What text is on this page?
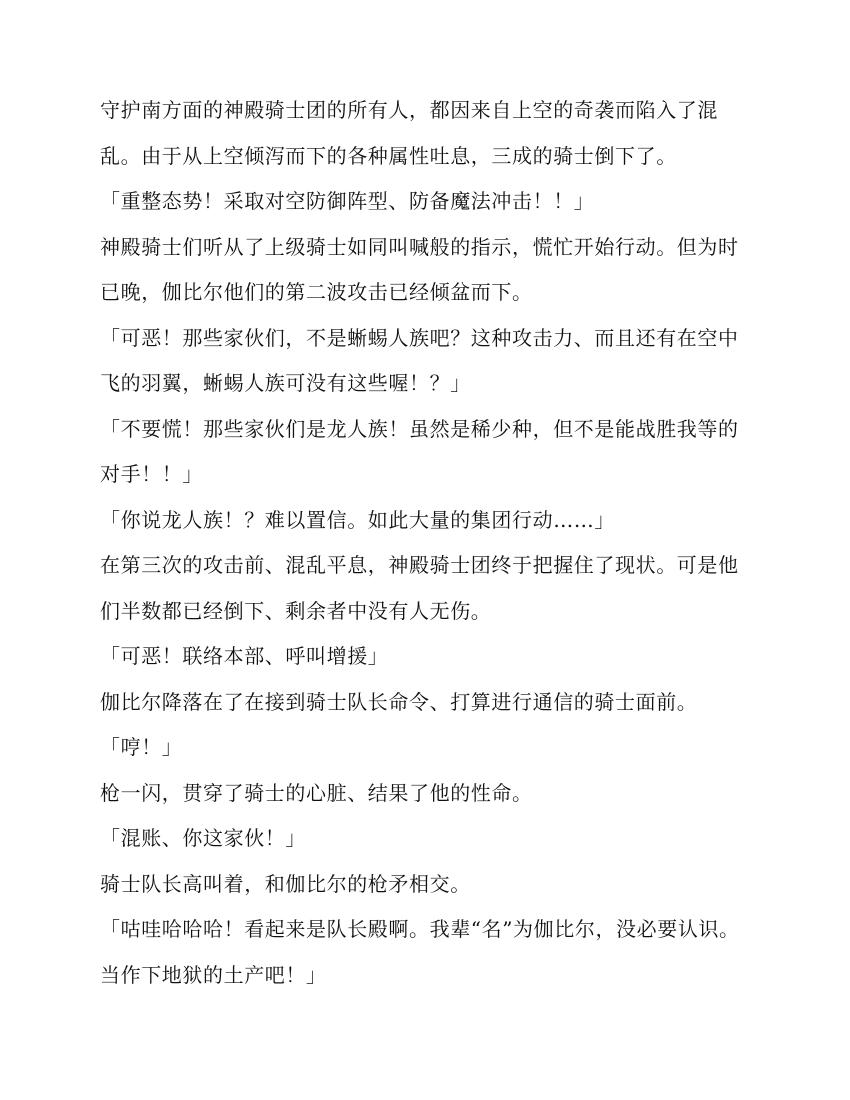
守护南方面的神殿骑士团的所有人，都因来自上空的奇袭而陷入了混乱。由于从上空倾泻而下的各种属性吐息，三成的骑士倒下了。

「重整态势！采取对空防御阵型、防备魔法冲击！！」

神殿骑士们听从了上级骑士如同叫喊般的指示，慌忙开始行动。但为时已晚，伽比尔他们的第二波攻击已经倾盆而下。

「可恶！那些家伙们，不是蜥蜴人族吧？这种攻击力、而且还有在空中飞的羽翼，蜥蜴人族可没有这些喔！？」

「不要慌！那些家伙们是龙人族！虽然是稀少种，但不是能战胜我等的对手！！」

「你说龙人族！？难以置信。如此大量的集团行动……」

在第三次的攻击前、混乱平息，神殿骑士团终于把握住了现状。可是他们半数都已经倒下、剩余者中没有人无伤。

「可恶！联络本部、呼叫增援」

伽比尔降落在了在接到骑士队长命令、打算进行通信的骑士面前。

「哼！」

枪一闪，贯穿了骑士的心脏、结果了他的性命。

「混账、你这家伙！」

骑士队长高叫着，和伽比尔的枪矛相交。

「咕哇哈哈哈！看起来是队长殿啊。我辈“名”为伽比尔，没必要认识。当作下地狱的土产吧！」
